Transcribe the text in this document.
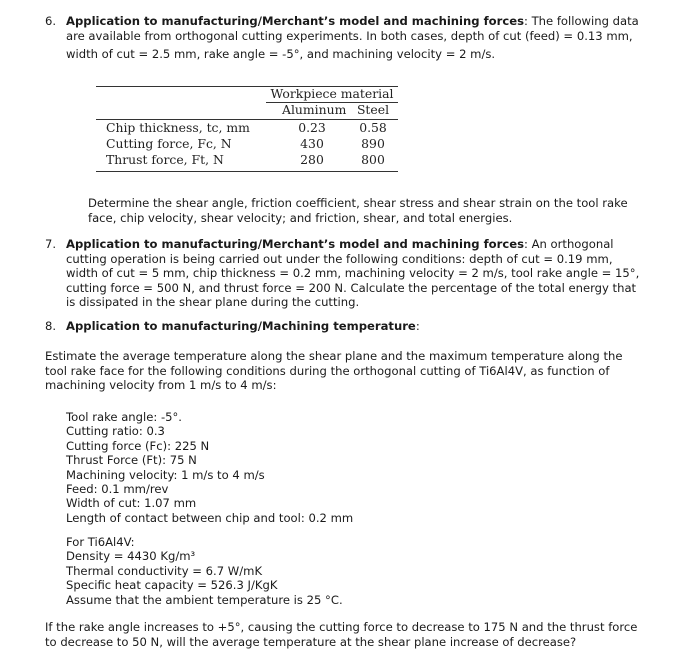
6. Application to manufacturing/Merchant’s model and machining forces: The following data
are available from orthogonal cutting experiments. In both cases, depth of cut (feed) = 0.13 mm,
width of cut = 2.5 mm, rake angle = -5°, and machining velocity = 2 m/s.
Workpiece material
Aluminum Steel
Chip thickness, tc, mm	0.23	0.58
Cutting force, Fc, N	430	890
Thrust force, Ft, N	280	800
Determine the shear angle, friction coefficient, shear stress and shear strain on the tool rake
face, chip velocity, shear velocity; and friction, shear, and total energies.
7. Application to manufacturing/Merchant’s model and machining forces: An orthogonal
cutting operation is being carried out under the following conditions: depth of cut = 0.19 mm,
width of cut = 5 mm, chip thickness = 0.2 mm, machining velocity = 2 m/s, tool rake angle = 15°,
cutting force = 500 N, and thrust force = 200 N. Calculate the percentage of the total energy that
is dissipated in the shear plane during the cutting.
8. Application to manufacturing/Machining temperature:
Estimate the average temperature along the shear plane and the maximum temperature along the
tool rake face for the following conditions during the orthogonal cutting of Ti6Al4V, as function of
machining velocity from 1 m/s to 4 m/s:
Tool rake angle: -5°.
Cutting ratio: 0.3
Cutting force (Fc): 225 N
Thrust Force (Ft): 75 N
Machining velocity: 1 m/s to 4 m/s
Feed: 0.1 mm/rev
Width of cut: 1.07 mm
Length of contact between chip and tool: 0.2 mm
For Ti6Al4V:
Density = 4430 Kg/m³
Thermal conductivity = 6.7 W/mK
Specific heat capacity = 526.3 J/KgK
Assume that the ambient temperature is 25 °C.
If the rake angle increases to +5°, causing the cutting force to decrease to 175 N and the thrust force
to decrease to 50 N, will the average temperature at the shear plane increase of decrease?
